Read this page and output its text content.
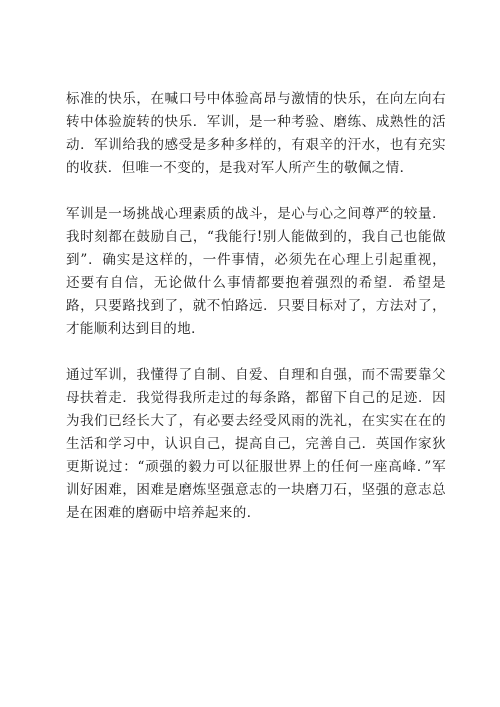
标准的快乐，在喊口号中体验高昂与激情的快乐，在向左向右转中体验旋转的快乐．军训，是一种考验、磨练、成熟性的活动．军训给我的感受是多种多样的，有艰辛的汗水，也有充实的收获．但唯一不变的，是我对军人所产生的敬佩之情．

军训是一场挑战心理素质的战斗，是心与心之间尊严的较量．我时刻都在鼓励自己，“我能行!别人能做到的，我自己也能做到”．确实是这样的，一件事情，必须先在心理上引起重视，还要有自信，无论做什么事情都要抱着强烈的希望．希望是路，只要路找到了，就不怕路远．只要目标对了，方法对了，才能顺利达到目的地．

通过军训，我懂得了自制、自爱、自理和自强，而不需要靠父母扶着走．我觉得我所走过的每条路，都留下自己的足迹．因为我们已经长大了，有必要去经受风雨的洗礼，在实实在在的生活和学习中，认识自己，提高自己，完善自己．英国作家狄更斯说过：“顽强的毅力可以征服世界上的任何一座高峰．”军训好困难，困难是磨炼坚强意志的一块磨刀石，坚强的意志总是在困难的磨砺中培养起来的．
